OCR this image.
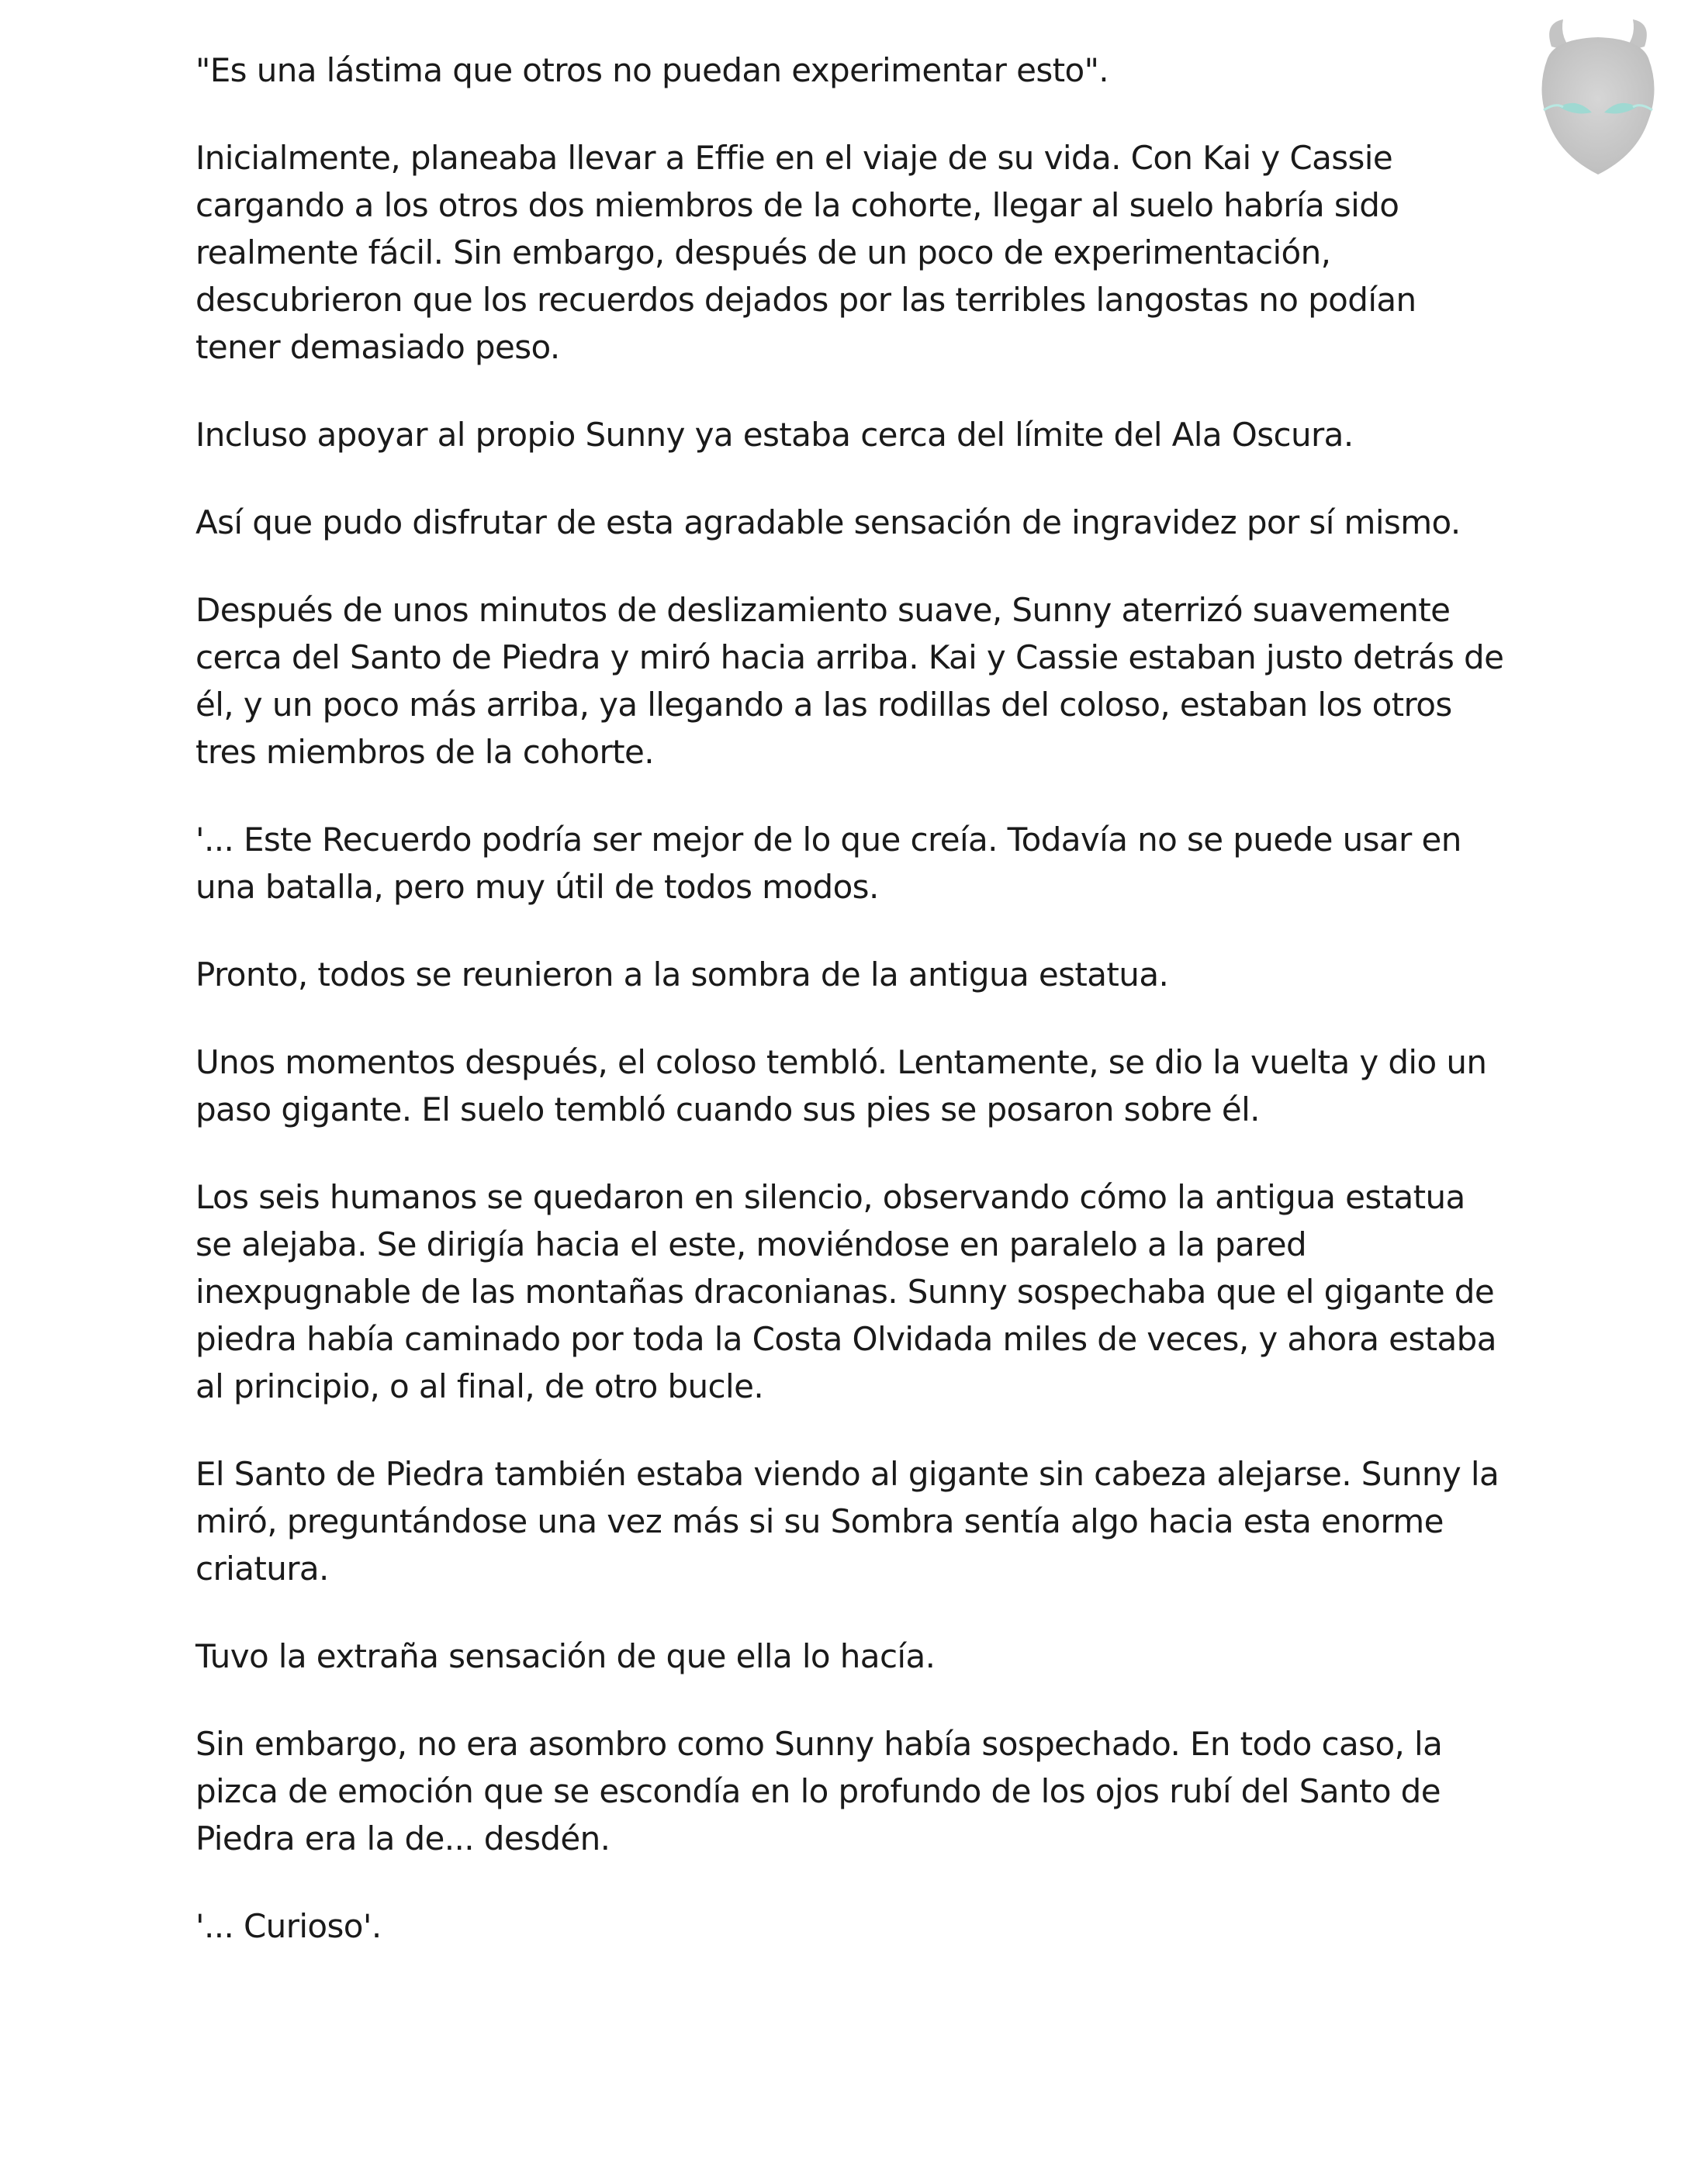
"Es una lástima que otros no puedan experimentar esto".

Inicialmente, planeaba llevar a Effie en el viaje de su vida. Con Kai y Cassie cargando a los otros dos miembros de la cohorte, llegar al suelo habría sido realmente fácil. Sin embargo, después de un poco de experimentación, descubrieron que los recuerdos dejados por las terribles langostas no podían tener demasiado peso.

Incluso apoyar al propio Sunny ya estaba cerca del límite del Ala Oscura.

Así que pudo disfrutar de esta agradable sensación de ingravidez por sí mismo.

Después de unos minutos de deslizamiento suave, Sunny aterrizó suavemente cerca del Santo de Piedra y miró hacia arriba. Kai y Cassie estaban justo detrás de él, y un poco más arriba, ya llegando a las rodillas del coloso, estaban los otros tres miembros de la cohorte.

'... Este Recuerdo podría ser mejor de lo que creía. Todavía no se puede usar en una batalla, pero muy útil de todos modos.

Pronto, todos se reunieron a la sombra de la antigua estatua.

Unos momentos después, el coloso tembló. Lentamente, se dio la vuelta y dio un paso gigante. El suelo tembló cuando sus pies se posaron sobre él.

Los seis humanos se quedaron en silencio, observando cómo la antigua estatua se alejaba. Se dirigía hacia el este, moviéndose en paralelo a la pared inexpugnable de las montañas draconianas. Sunny sospechaba que el gigante de piedra había caminado por toda la Costa Olvidada miles de veces, y ahora estaba al principio, o al final, de otro bucle.

El Santo de Piedra también estaba viendo al gigante sin cabeza alejarse. Sunny la miró, preguntándose una vez más si su Sombra sentía algo hacia esta enorme criatura.

Tuvo la extraña sensación de que ella lo hacía.

Sin embargo, no era asombro como Sunny había sospechado. En todo caso, la pizca de emoción que se escondía en lo profundo de los ojos rubí del Santo de Piedra era la de... desdén.

'... Curioso'.
